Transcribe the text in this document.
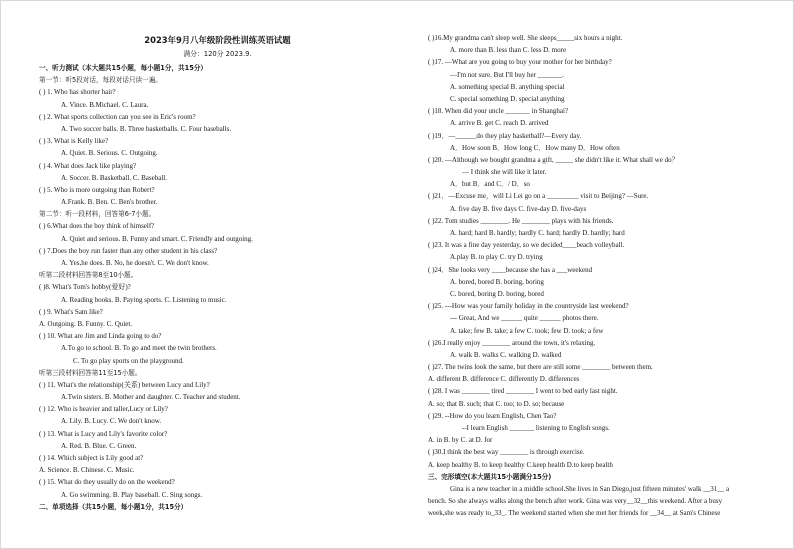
2023年9月八年级阶段性训练英语试题
满分：120分 2023.9.
一、听力测试（本大题共15小题，每小题1分，共15分）
第一节：听5段对话，每段对话只读一遍。
( ) 1. Who has shorter hair?
A. Vince. B.Michael. C. Laura.
( ) 2. What sports collection can you see in Eric's room?
A. Two soccer balls. B. Three basketballs. C. Four baseballs.
( ) 3. What is Kelly like?
A. Quiet. B. Serious. C. Outgoing.
( ) 4. What does Jack like playing?
A. Soccer. B. Basketball. C. Baseball.
( ) 5. Who is more outgoing than Robert?
A.Frank. B. Ben. C. Ben's brother.
第二节：听一段材料，回答第6-7小题。
( ) 6.What does the boy think of himself?
A. Quiet and serious. B. Funny and smart. C. Friendly and outgoing.
( ) 7.Does the boy run faster than any other student in his class?
A. Yes,he does. B. No, he doesn't. C. We don't know.
听第二段材料回答第8至10小题。
( )8. What's Tom's hobby(爱好)?
A. Reading books. B. Paying sports. C. Listening to music.
( ) 9. What's Sam like?
A. Outgoing. B. Funny. C. Quiet.
( ) 10. What are Jim and Linda going to do?
A.To go to school. B. To go and meet the twin brothers.
C. To go play sports on the playground.
听第三段材料回答第11至15小题。
( ) 11. What's the relationship(关系) between Lucy and Lily?
A.Twin sisters. B. Mother and daughter. C. Teacher and student.
( ) 12. Who is heavier and taller,Lucy or Lily?
A. Lily. B. Lucy. C. We don't know.
( ) 13. What is Lucy and Lily's favorite color?
A. Red. B. Blue. C. Green.
( ) 14. Which subject is Lily good at?
A. Science. B. Chinese. C. Music.
( ) 15. What do they usually do on the weekend?
A. Go swimming. B. Play baseball. C. Sing songs.
二、单项选择（共15小题，每小题1分，共15分）
( )16.My grandma can't sleep well. She sleeps_____six hours a night.
A. more than B. less than C. less D. more
( )17. —What are you going to buy your mother for her birthday?
—I'm not sure. But I'll buy her _______.
A. something special B. anything special
C. special something D. special anything
( )18. When did your uncle _______ in Shanghai?
A. arrive B. get C. reach D. arrived
( )19．—______do they play basketball?—Every day.
A．How soon B．How long C．How many D．How often
( )20. —Although we bought grandma a gift, _____ she didn't like it. What shall we do？
— I think she will like it later.
A．but B．and C．/ D．so
( )21．—Excuse me，will Li Lei go on a _________ visit to Beijing? —Sure.
A. five day B. five days C. five-day D. five-days
( )22. Tom studies ________. He ________ plays with his friends.
A. hard; hard B. hardly; hardly C. hard; hardly D. hardly; hard
( )23. It was a fine day yesterday, so we decided____beach volleyball.
A.play B. to play C. try D. trying
( )24．She looks very ____because she has a ___weekend
A. bored, bored B. boring, boring
C. bored, boring D. boring, bored
( )25. ---How was your family holiday in the countryside last weekend?
--- Great, And we ______ quite ______ photos there.
A. take; few B. take; a few C. took; few D. took; a few
( )26.I really enjoy ________ around the town, it's relaxing.
A. walk B. walks C. walking D. walked
( )27. The twins look the same, but there are still some ________ between them.
A. different B. difference C. differently D. differences
( )28. I was ________ tired ________ I went to bed early last night.
A. so; that B. such; that C. too; to D. so; because
( )29. --How do you learn English, Chen Tao?
--I learn English _______ listening to English songs.
A. in B. by C. at D. for
( )30.I think the best way ________ is through exercise.
A. keep healthy B. to keep healthy C.keep health D.to keep health
三、完形填空(本大题共15小题满分15分)
Gina is a new teacher in a middle school.She lives in San Diego,just fifteen minutes' walk __31__ a
bench. So she always walks along the bench after work. Gina was very__32__this weekend. After a busy
week,she was ready to_33_. The weekend started when she met her friends for __34__ at Sam's Chinese
